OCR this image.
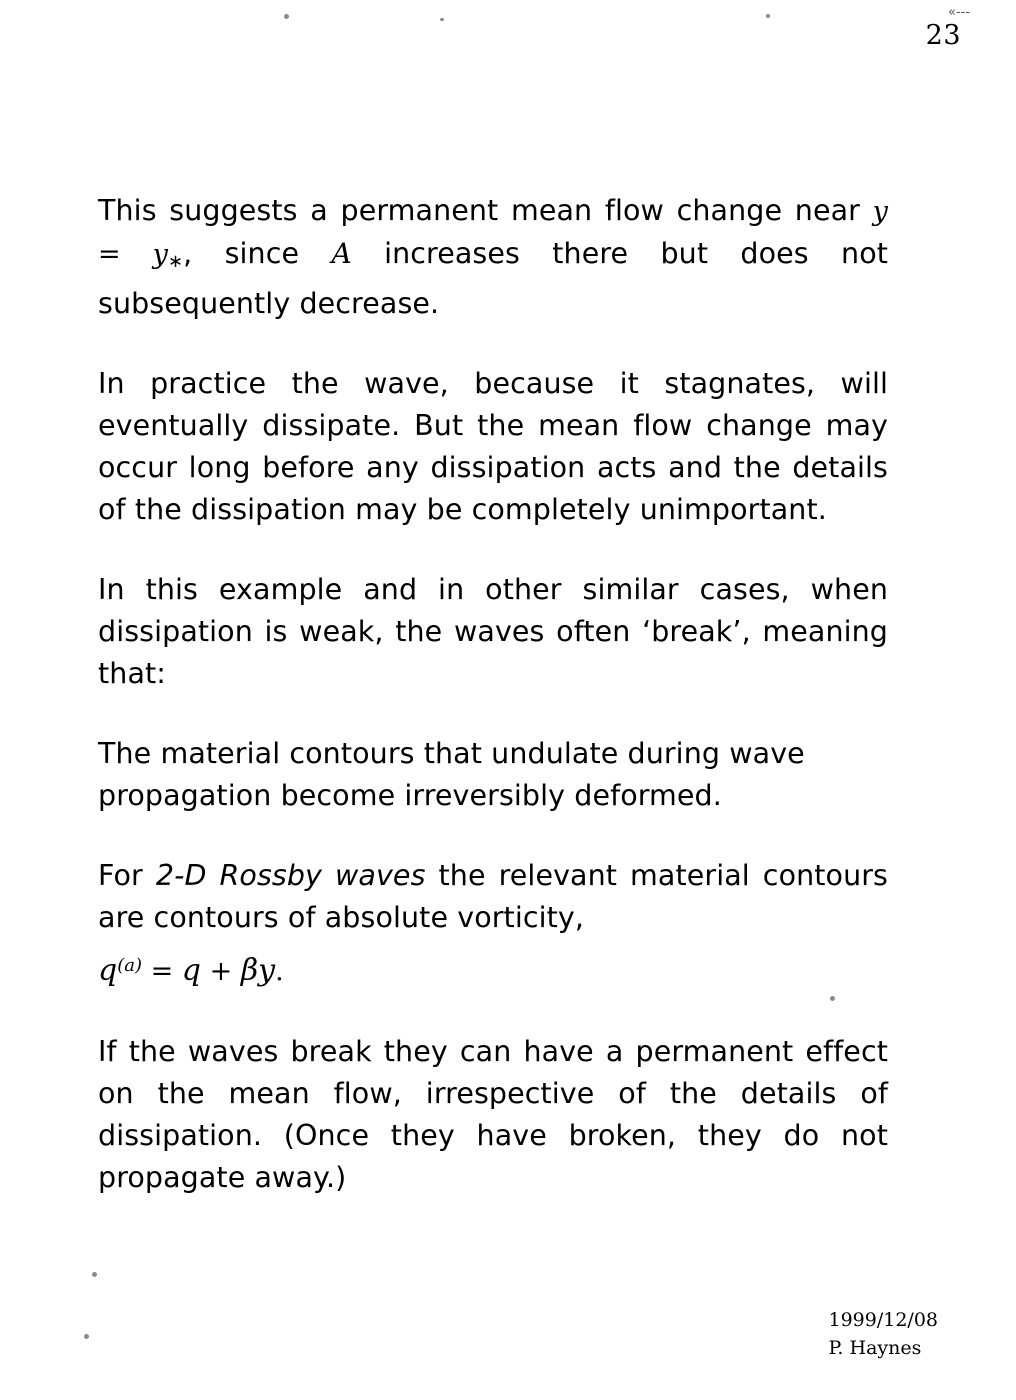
«---
23

This suggests a permanent mean flow change near $y = y_∗$, since A increases there but does not subsequently decrease.

In practice the wave, because it stagnates, will eventually dissipate. But the mean flow change may occur long before any dissipation acts and the details of the dissipation may be completely unimportant.

In this example and in other similar cases, when dissipation is weak, the waves often ‘break’, meaning that:

The material contours that undulate during wave propagation become irreversibly deformed.

For 2-D Rossby waves the relevant material contours are contours of absolute vorticity,

$q^{(a)} = q + \beta y$.

If the waves break they can have a permanent effect on the mean flow, irrespective of the details of dissipation. (Once they have broken, they do not propagate away.)

1999/12/08
P. Haynes
